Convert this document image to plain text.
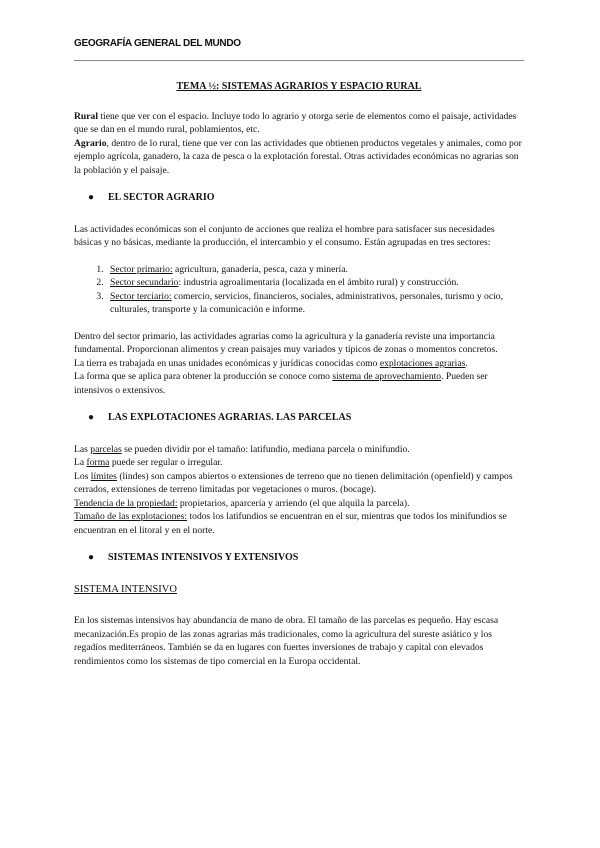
GEOGRAFÍA GENERAL DEL MUNDO
TEMA ½: SISTEMAS AGRARIOS Y ESPACIO RURAL

Rural tiene que ver con el espacio. Incluye todo lo agrario y otorga serie de elementos como el paisaje, actividades que se dan en el mundo rural, poblamientos, etc.

Agrario, dentro de lo rural, tiene que ver con las actividades que obtienen productos vegetales y animales, como por ejemplo agrícola, ganadero, la caza de pesca o la explotación forestal. Otras actividades económicas no agrarias son la población y el paisaje.

●	EL SECTOR AGRARIO

Las actividades económicas son el conjunto de acciones que realiza el hombre para satisfacer sus necesidades básicas y no básicas, mediante la producción, el intercambio y el consumo. Están agrupadas en tres sectores:

1. Sector primario: agricultura, ganadería, pesca, caza y minería.
2. Sector secundario: industria agroalimentaria (localizada en el ámbito rural) y construcción.
3. Sector terciario: comercio, servicios, financieros, sociales, administrativos, personales, turismo y ocio, culturales, transporte y la comunicación e informe.

Dentro del sector primario, las actividades agrarias como la agricultura y la ganadería reviste una importancia fundamental. Proporcionan alimentos y crean paisajes muy variados y típicos de zonas o momentos concretos.

La tierra es trabajada en unas unidades económicas y jurídicas conocidas como explotaciones agrarias.

La forma que se aplica para obtener la producción se conoce como sistema de aprovechamiento. Pueden ser intensivos o extensivos.

●	LAS EXPLOTACIONES AGRARIAS. LAS PARCELAS

Las parcelas se pueden dividir por el tamaño: latifundio, mediana parcela o minifundio.

La forma puede ser regular o irregular.

Los límites (lindes) son campos abiertos o extensiones de terreno que no tienen delimitación (openfield) y campos cerrados, extensiones de terreno limitadas por vegetaciones o muros. (bocage).

Tendencia de la propiedad: propietarios, aparcería y arriendo (el que alquila la parcela).

Tamaño de las explotaciones: todos los latifundios se encuentran en el sur, mientras que todos los minifundios se encuentran en el litoral y en el norte.

●	SISTEMAS INTENSIVOS Y EXTENSIVOS
SISTEMA INTENSIVO

En los sistemas intensivos hay abundancia de mano de obra. El tamaño de las parcelas es pequeño. Hay escasa mecanización.Es propio de las zonas agrarias más tradicionales, como la agricultura del sureste asiático y los regadíos mediterráneos. También se da en lugares con fuertes inversiones de trabajo y capital con elevados rendimientos como los sistemas de tipo comercial en la Europa occidental.
